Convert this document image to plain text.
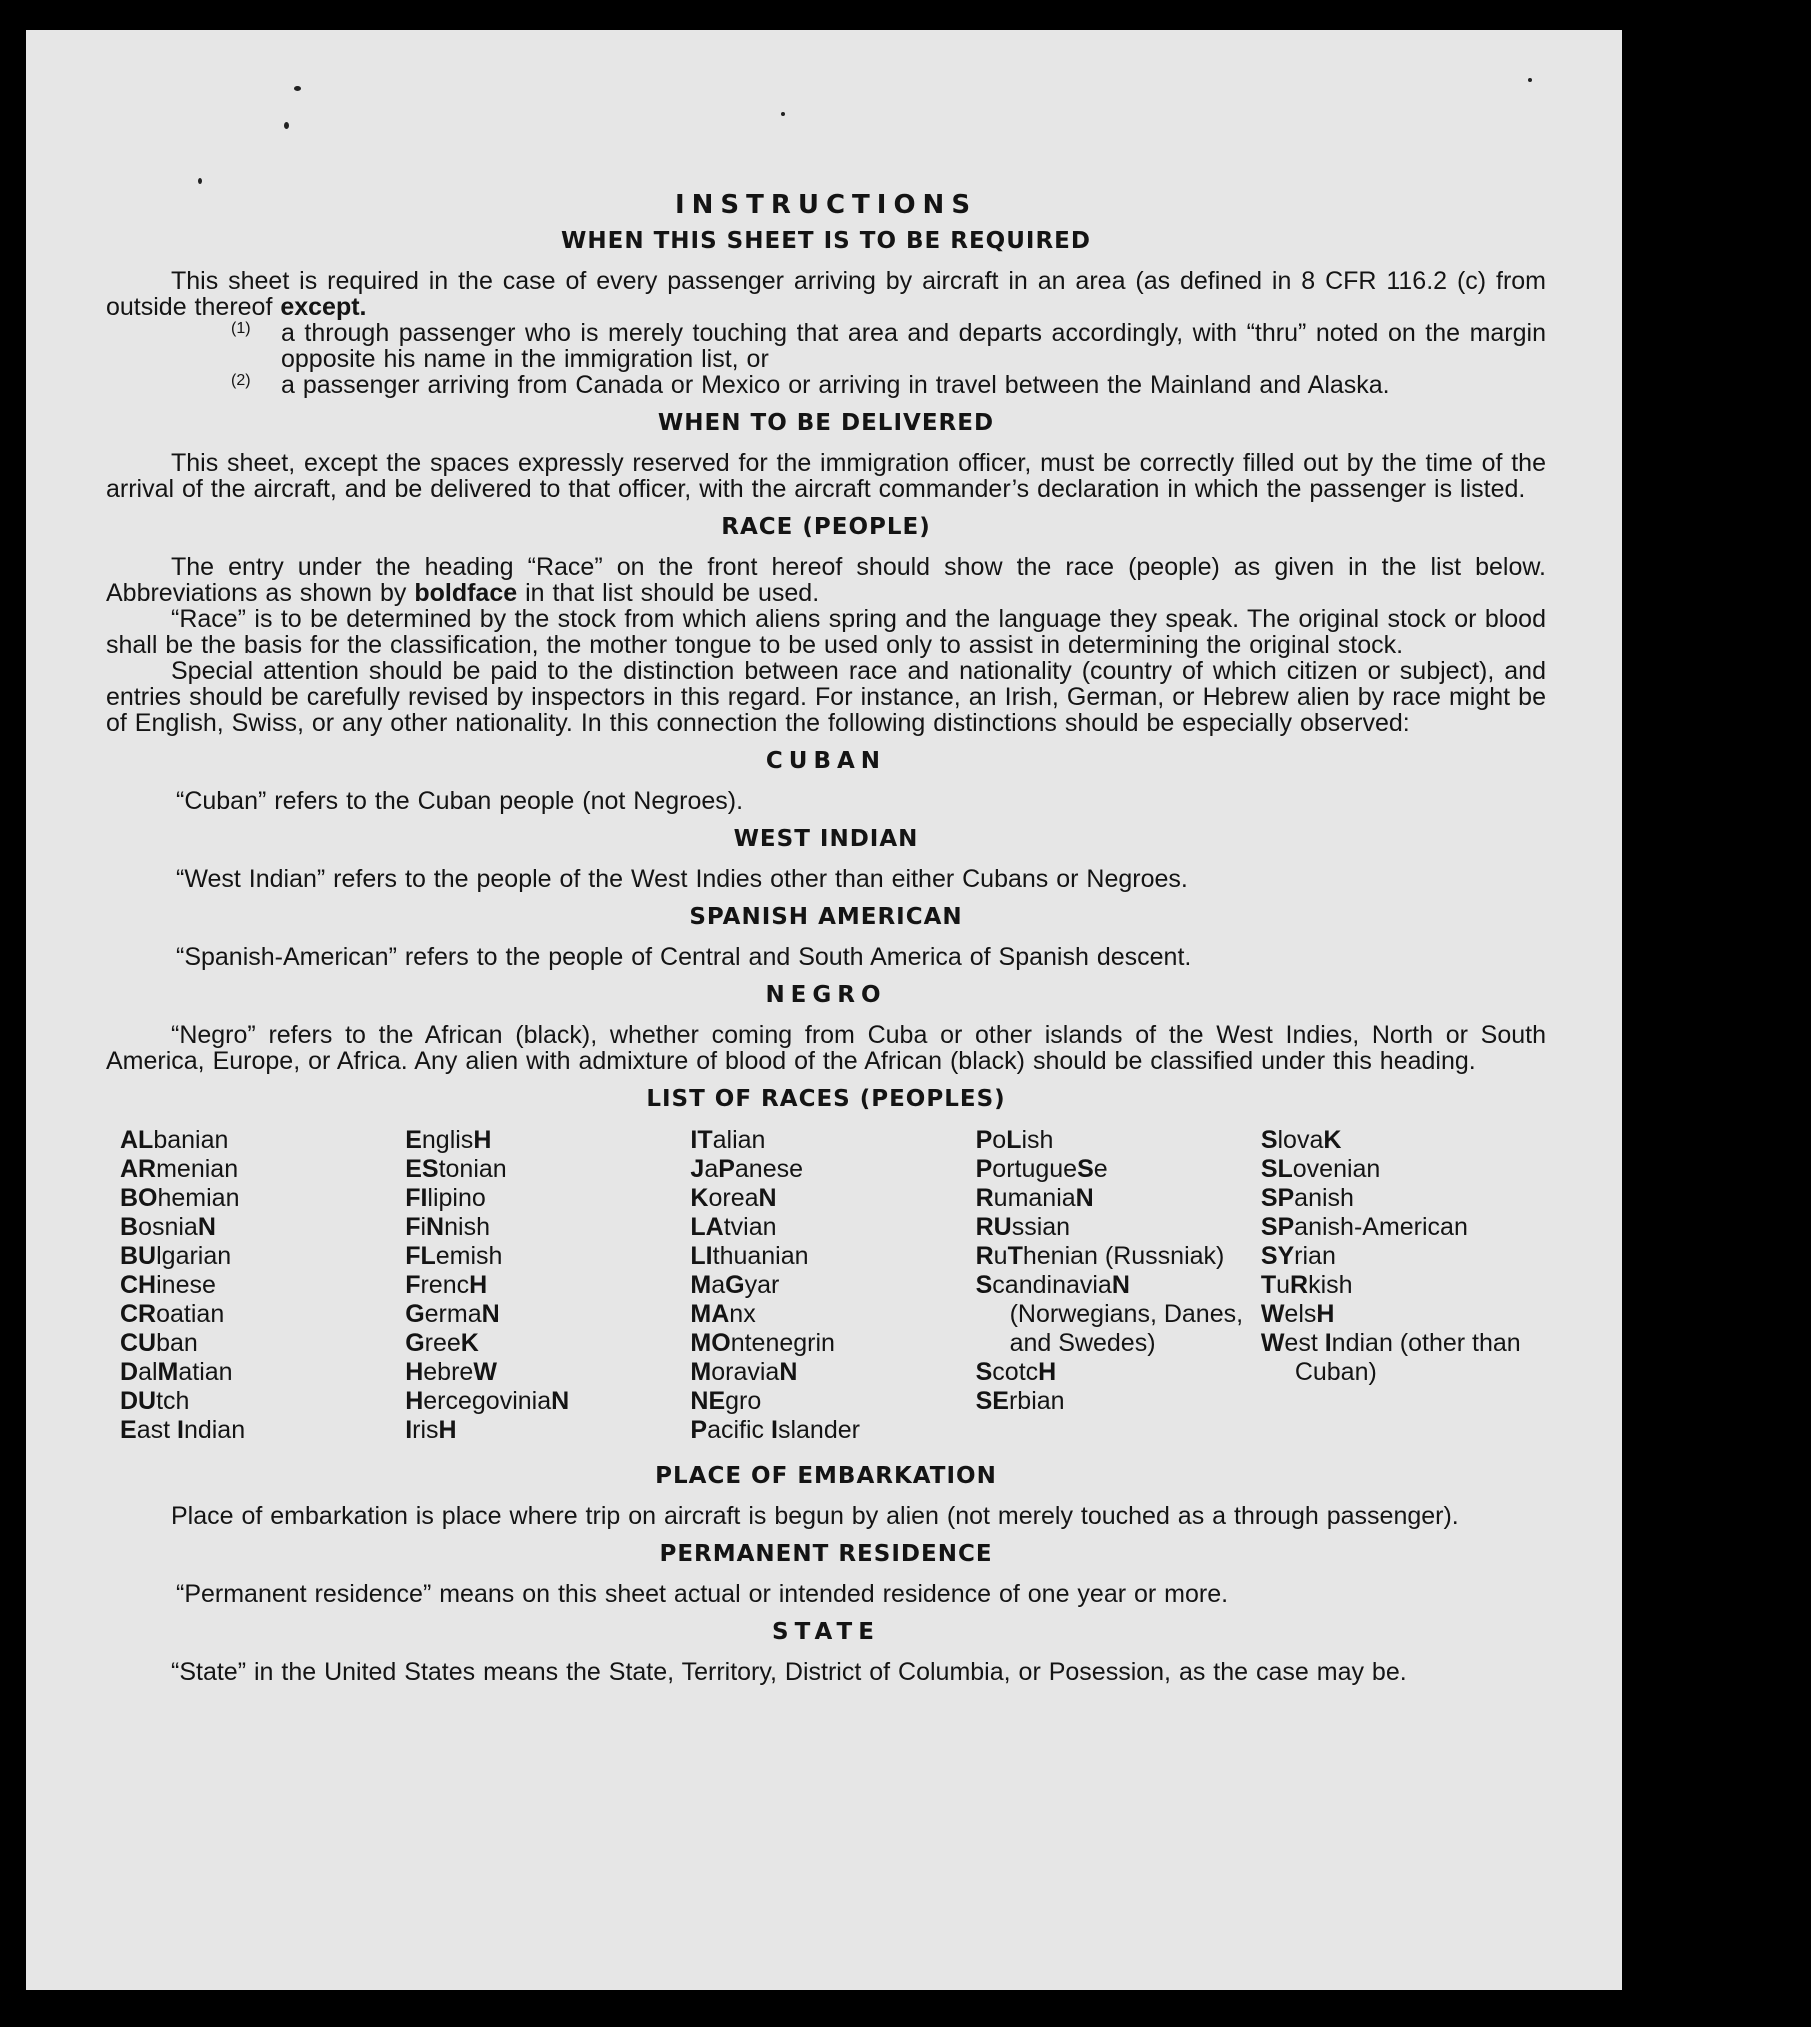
INSTRUCTIONS
WHEN THIS SHEET IS TO BE REQUIRED

This sheet is required in the case of every passenger arriving by aircraft in an area (as defined in 8 CFR 116.2 (c) from outside thereof except.

(1)	a through passenger who is merely touching that area and departs accordingly, with “thru” noted on the margin opposite his name in the immigration list, or

(2)	a passenger arriving from Canada or Mexico or arriving in travel between the Mainland and Alaska.

WHEN TO BE DELIVERED

This sheet, except the spaces expressly reserved for the immigration officer, must be correctly filled out by the time of the arrival of the aircraft, and be delivered to that officer, with the aircraft commander’s declaration in which the passenger is listed.

RACE (PEOPLE)

The entry under the heading “Race” on the front hereof should show the race (people) as given in the list below. Abbreviations as shown by boldface in that list should be used.

“Race” is to be determined by the stock from which aliens spring and the language they speak. The original stock or blood shall be the basis for the classification, the mother tongue to be used only to assist in determining the original stock.

Special attention should be paid to the distinction between race and nationality (country of which citizen or subject), and entries should be carefully revised by inspectors in this regard. For instance, an Irish, German, or Hebrew alien by race might be of English, Swiss, or any other nationality. In this connection the following distinctions should be especially observed:

CUBAN

“Cuban” refers to the Cuban people (not Negroes).

WEST INDIAN

“West Indian” refers to the people of the West Indies other than either Cubans or Negroes.

SPANISH AMERICAN

“Spanish-American” refers to the people of Central and South America of Spanish descent.

NEGRO

“Negro” refers to the African (black), whether coming from Cuba or other islands of the West Indies, North or South America, Europe, or Africa. Any alien with admixture of blood of the African (black) should be classified under this heading.

LIST OF RACES (PEOPLES)
ALbanian
ARmenian
BOhemian
BosniaN
BUlgarian
CHinese
CRoatian
CUban
DalMatian
DUtch
East Indian
EnglisH
EStonian
FIlipino
FiNnish
FLemish
FrencH
GermaN
GreeK
HebreW
HercegoviniaN
IrisH
ITalian
JaPanese
KoreaN
LAtvian
LIthuanian
MaGyar
MAnx
MOntenegrin
MoraviaN
NEgro
Pacific Islander
PoLish
PortugueSe
RumaniaN
RUssian
RuThenian (Russniak)
ScandinaviaN (Norwegians, Danes, and Swedes)
ScotcH
SErbian
SlovaK
SLovenian
SPanish
SPanish-American
SYrian
TuRkish
WelsH
West Indian (other than Cuban)
PLACE OF EMBARKATION

Place of embarkation is place where trip on aircraft is begun by alien (not merely touched as a through passenger).

PERMANENT RESIDENCE

“Permanent residence” means on this sheet actual or intended residence of one year or more.

STATE

“State” in the United States means the State, Territory, District of Columbia, or Posession, as the case may be.
